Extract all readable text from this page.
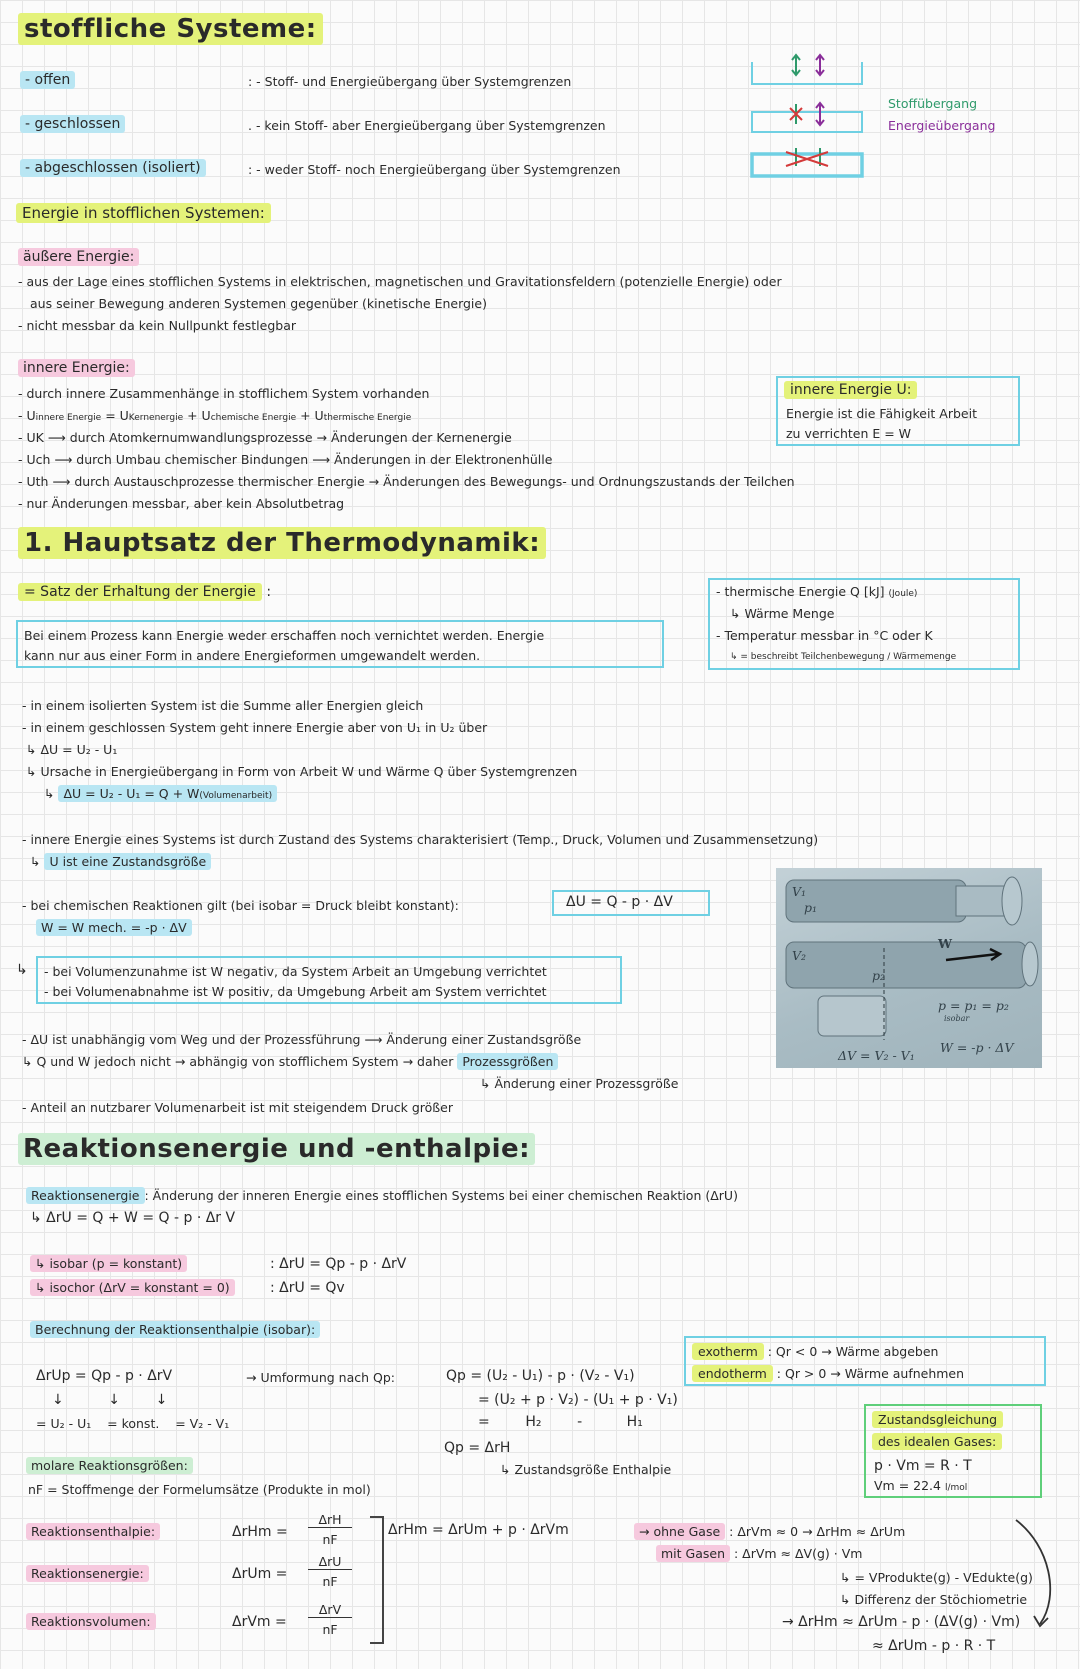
stoffliche Systeme:
- offen	: - Stoff- und Energieübergang über Systemgrenzen
- geschlossen	. - kein Stoff- aber Energieübergang über Systemgrenzen
- abgeschlossen (isoliert)	: - weder Stoff- noch Energieübergang über Systemgrenzen
Stoffübergang
Energieübergang
Energie in stofflichen Systemen:
äußere Energie:
- aus der Lage eines stofflichen Systems in elektrischen, magnetischen und Gravitationsfeldern (potenzielle Energie) oder
aus seiner Bewegung anderen Systemen gegenüber (kinetische Energie)
- nicht messbar da kein Nullpunkt festlegbar
innere Energie:
- durch innere Zusammenhänge in stofflichem System vorhanden
- Uinnere Energie = UKernenergie + Uchemische Energie + Uthermische Energie
- UK ⟶ durch Atomkernumwandlungsprozesse → Änderungen der Kernenergie
- Uch ⟶ durch Umbau chemischer Bindungen ⟶ Änderungen in der Elektronenhülle
- Uth ⟶ durch Austauschprozesse thermischer Energie → Änderungen des Bewegungs- und Ordnungszustands der Teilchen
- nur Änderungen messbar, aber kein Absolutbetrag
innere Energie U:
Energie ist die Fähigkeit Arbeit
zu verrichten E = W
1. Hauptsatz der Thermodynamik:
= Satz der Erhaltung der Energie :
Bei einem Prozess kann Energie weder erschaffen noch vernichtet werden. Energie
kann nur aus einer Form in andere Energieformen umgewandelt werden.
- thermische Energie Q [kJ] (Joule)
↳ Wärme Menge
- Temperatur messbar in °C oder K
↳ = beschreibt Teilchenbewegung / Wärmemenge
- in einem isolierten System ist die Summe aller Energien gleich
- in einem geschlossen System geht innere Energie aber von U₁ in U₂ über
↳ ΔU = U₂ - U₁
↳ Ursache in Energieübergang in Form von Arbeit W und Wärme Q über Systemgrenzen
↳ ΔU = U₂ - U₁ = Q + W(Volumenarbeit)
- innere Energie eines Systems ist durch Zustand des Systems charakterisiert (Temp., Druck, Volumen und Zusammensetzung)
↳ U ist eine Zustandsgröße
- bei chemischen Reaktionen gilt (bei isobar = Druck bleibt konstant):	ΔU = Q - p · ΔV
W = W mech. = -p · ΔV
↳ - bei Volumenzunahme ist W negativ, da System Arbeit an Umgebung verrichtet
- bei Volumenabnahme ist W positiv, da Umgebung Arbeit am System verrichtet
- ΔU ist unabhängig vom Weg und der Prozessführung ⟶ Änderung einer Zustandsgröße
↳ Q und W jedoch nicht → abhängig von stofflichem System → daher Prozessgrößen
↳ Änderung einer Prozessgröße
- Anteil an nutzbarer Volumenarbeit ist mit steigendem Druck größer
V₁
p₁
V₂
p₂
W
p = p₁ = p₂
isobar
ΔV = V₂ - V₁
W = -p · ΔV
Reaktionsenergie und -enthalpie:
Reaktionsenergie : Änderung der inneren Energie eines stofflichen Systems bei einer chemischen Reaktion (ΔrU)
↳ ΔrU = Q + W = Q - p · Δr V
↳ isobar (p = konstant)	: ΔrU = Qp - p · ΔrV
↳ isochor (ΔrV = konstant = 0)	: ΔrU = Qv
exotherm : Qr < 0 → Wärme abgeben
endotherm : Qr > 0 → Wärme aufnehmen
Berechnung der Reaktionsenthalpie (isobar):
ΔrUp = Qp - p · ΔrV
↓          ↓        ↓
= U₂ - U₁    = konst.    = V₂ - V₁
→ Umformung nach Qp:	Qp = (U₂ - U₁) - p · (V₂ - V₁)
= (U₂ + p · V₂) - (U₁ + p · V₁)
=	H₂	-	H₁
Qp = ΔrH
↳ Zustandsgröße Enthalpie
Zustandsgleichung
des idealen Gases:
p · Vm = R · T
Vm = 22.4 l/mol
molare Reaktionsgrößen:
nF = Stoffmenge der Formelumsätze (Produkte in mol)
Reaktionsenthalpie:	ΔrHm =
ΔrH
nF
Reaktionsenergie:	ΔrUm =
ΔrU
nF
Reaktionsvolumen:	ΔrVm =
ΔrV
nF
ΔrHm = ΔrUm + p · ΔrVm	→ ohne Gase : ΔrVm ≈ 0 → ΔrHm ≈ ΔrUm
mit Gasen : ΔrVm ≈ ΔV(g) · Vm
↳ = VProdukte(g) - VEdukte(g)
↳ Differenz der Stöchiometrie
→ ΔrHm ≈ ΔrUm - p · (ΔV(g) · Vm)
≈ ΔrUm - p · R · T
